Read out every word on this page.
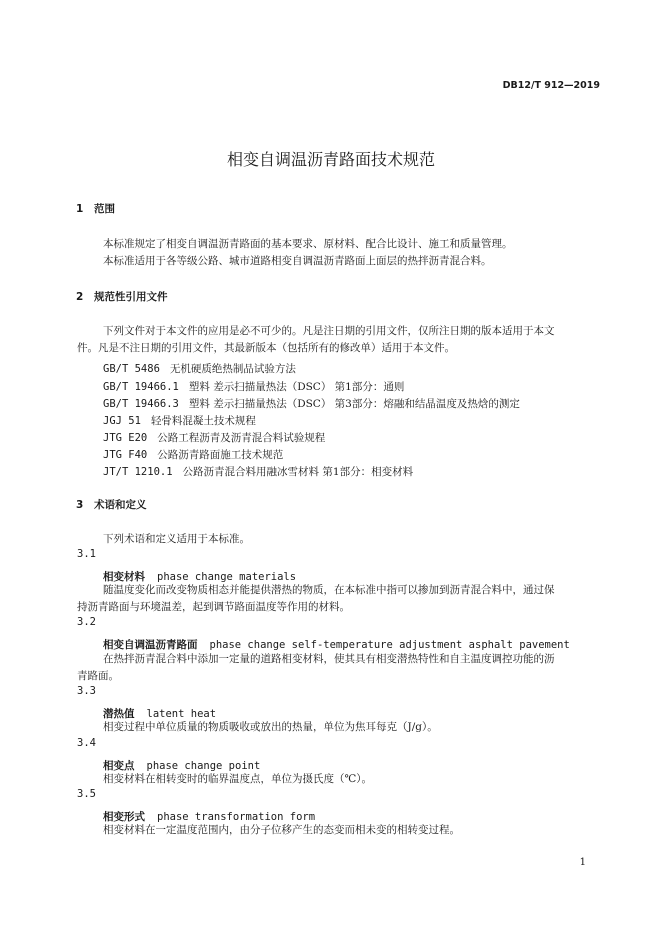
DB12/T 912—2019
相变自调温沥青路面技术规范
1 范围
本标准规定了相变自调温沥青路面的基本要求、原材料、配合比设计、施工和质量管理。
本标准适用于各等级公路、城市道路相变自调温沥青路面上面层的热拌沥青混合料。
2 规范性引用文件
下列文件对于本文件的应用是必不可少的。凡是注日期的引用文件，仅所注日期的版本适用于本文
件。凡是不注日期的引用文件，其最新版本（包括所有的修改单）适用于本文件。
GB/T 5486 无机硬质绝热制品试验方法
GB/T 19466.1 塑料 差示扫描量热法（DSC） 第1部分：通则
GB/T 19466.3 塑料 差示扫描量热法（DSC） 第3部分：熔融和结晶温度及热焓的测定
JGJ 51 轻骨料混凝土技术规程
JTG E20 公路工程沥青及沥青混合料试验规程
JTG F40 公路沥青路面施工技术规范
JT/T 1210.1 公路沥青混合料用融冰雪材料 第1部分：相变材料
3 术语和定义
下列术语和定义适用于本标准。
3.1
相变材料 phase change materials
随温度变化而改变物质相态并能提供潜热的物质，在本标准中指可以掺加到沥青混合料中，通过保
持沥青路面与环境温差，起到调节路面温度等作用的材料。
3.2
相变自调温沥青路面 phase change self-temperature adjustment asphalt pavement
在热拌沥青混合料中添加一定量的道路相变材料，使其具有相变潜热特性和自主温度调控功能的沥
青路面。
3.3
潜热值 latent heat
相变过程中单位质量的物质吸收或放出的热量，单位为焦耳每克（J/g）。
3.4
相变点 phase change point
相变材料在相转变时的临界温度点，单位为摄氏度（℃）。
3.5
相变形式 phase transformation form
相变材料在一定温度范围内，由分子位移产生的态变而相未变的相转变过程。
1
